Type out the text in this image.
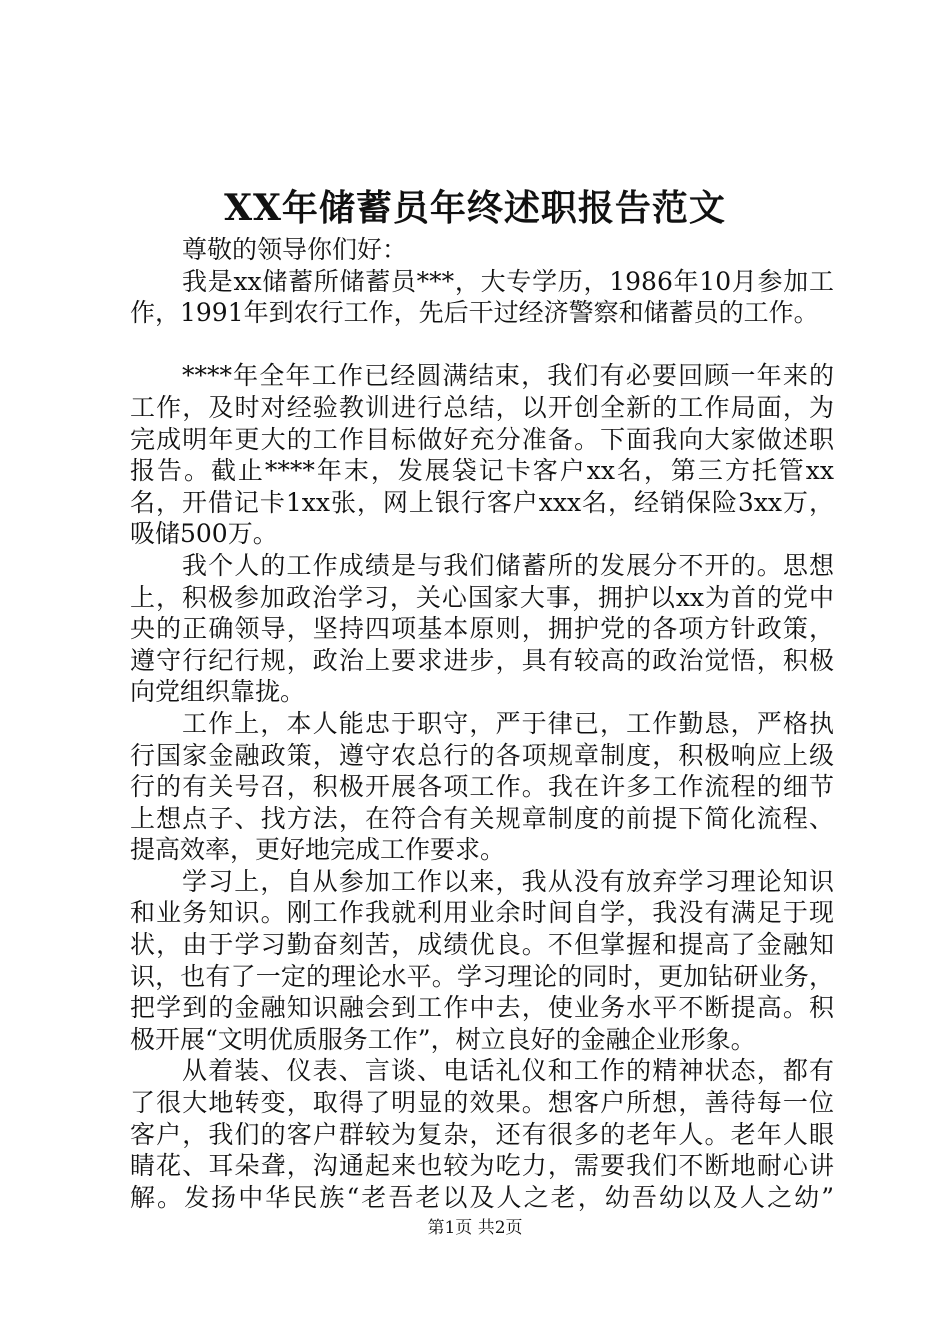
XX年储蓄员年终述职报告范文
尊敬的领导你们好：
我是xx储蓄所储蓄员***，大专学历，1986年10月参加工
作，1991年到农行工作，先后干过经济警察和储蓄员的工作。
****年全年工作已经圆满结束，我们有必要回顾一年来的
工作，及时对经验教训进行总结，以开创全新的工作局面，为
完成明年更大的工作目标做好充分准备。下面我向大家做述职
报告。截止****年末，发展袋记卡客户xx名，第三方托管xx
名，开借记卡1xx张，网上银行客户xxx名，经销保险3xx万，
吸储500万。
我个人的工作成绩是与我们储蓄所的发展分不开的。思想
上，积极参加政治学习，关心国家大事，拥护以xx为首的党中
央的正确领导，坚持四项基本原则，拥护党的各项方针政策，
遵守行纪行规，政治上要求进步，具有较高的政治觉悟，积极
向党组织靠拢。
工作上，本人能忠于职守，严于律已，工作勤恳，严格执
行国家金融政策，遵守农总行的各项规章制度，积极响应上级
行的有关号召，积极开展各项工作。我在许多工作流程的细节
上想点子、找方法，在符合有关规章制度的前提下简化流程、
提高效率，更好地完成工作要求。
学习上，自从参加工作以来，我从没有放弃学习理论知识
和业务知识。刚工作我就利用业余时间自学，我没有满足于现
状，由于学习勤奋刻苦，成绩优良。不但掌握和提高了金融知
识，也有了一定的理论水平。学习理论的同时，更加钻研业务，
把学到的金融知识融会到工作中去，使业务水平不断提高。积
极开展“文明优质服务工作”，树立良好的金融企业形象。
从着装、仪表、言谈、电话礼仪和工作的精神状态，都有
了很大地转变，取得了明显的效果。想客户所想，善待每一位
客户，我们的客户群较为复杂，还有很多的老年人。老年人眼
睛花、耳朵聋，沟通起来也较为吃力，需要我们不断地耐心讲
解。发扬中华民族“老吾老以及人之老，幼吾幼以及人之幼”
第1页 共2页
